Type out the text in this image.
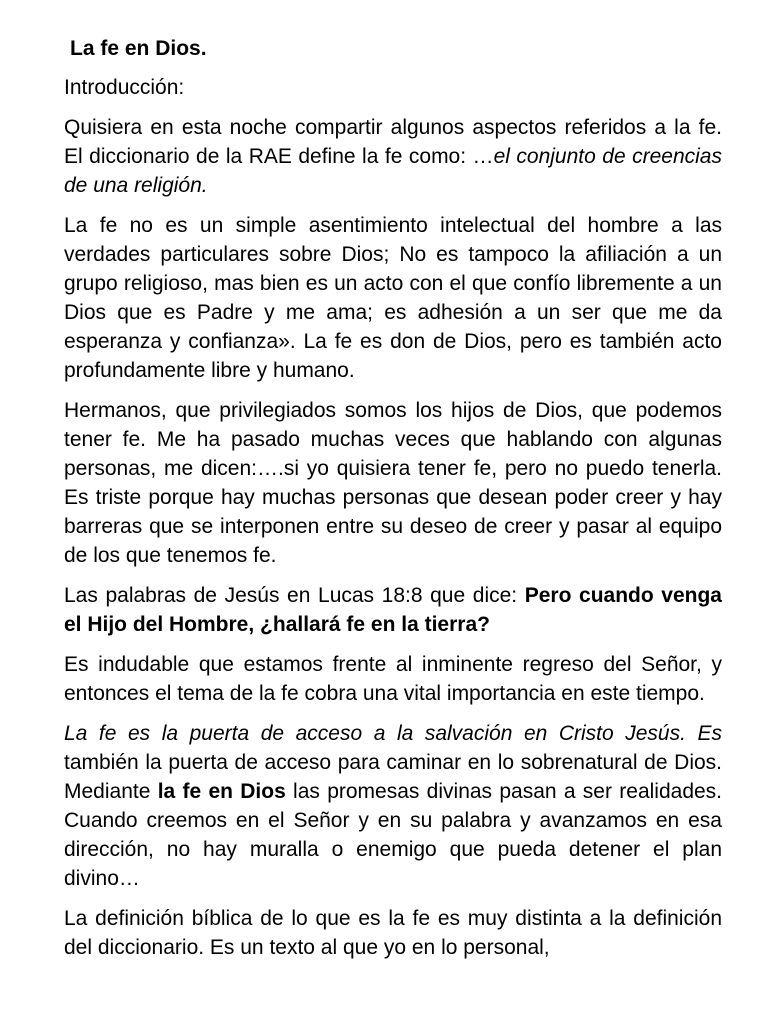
La fe en Dios.
Introducción:

Quisiera en esta noche compartir algunos aspectos referidos a la fe. El diccionario de la RAE define la fe como: …el conjunto de creencias de una religión.

La fe no es un simple asentimiento intelectual del hombre a las verdades particulares sobre Dios; No es tampoco la afiliación a un grupo religioso, mas bien es un acto con el que confío libremente a un Dios que es Padre y me ama; es adhesión a un ser que me da esperanza y confianza». La fe es don de Dios, pero es también acto profundamente libre y humano.

Hermanos, que privilegiados somos los hijos de Dios, que podemos tener fe. Me ha pasado muchas veces que hablando con algunas personas, me dicen:….si yo quisiera tener fe, pero no puedo tenerla. Es triste porque hay muchas personas que desean poder creer y hay barreras que se interponen entre su deseo de creer y pasar al equipo de los que tenemos fe.

Las palabras de Jesús en Lucas 18:8 que dice: Pero cuando venga el Hijo del Hombre, ¿hallará fe en la tierra?

Es indudable que estamos frente al inminente regreso del Señor, y entonces el tema de la fe cobra una vital importancia en este tiempo.

La fe es la puerta de acceso a la salvación en Cristo Jesús. Es también la puerta de acceso para caminar en lo sobrenatural de Dios. Mediante la fe en Dios las promesas divinas pasan a ser realidades. Cuando creemos en el Señor y en su palabra y avanzamos en esa dirección, no hay muralla o enemigo que pueda detener el plan divino…

La definición bíblica de lo que es la fe es muy distinta a la definición del diccionario. Es un texto al que yo en lo personal,
